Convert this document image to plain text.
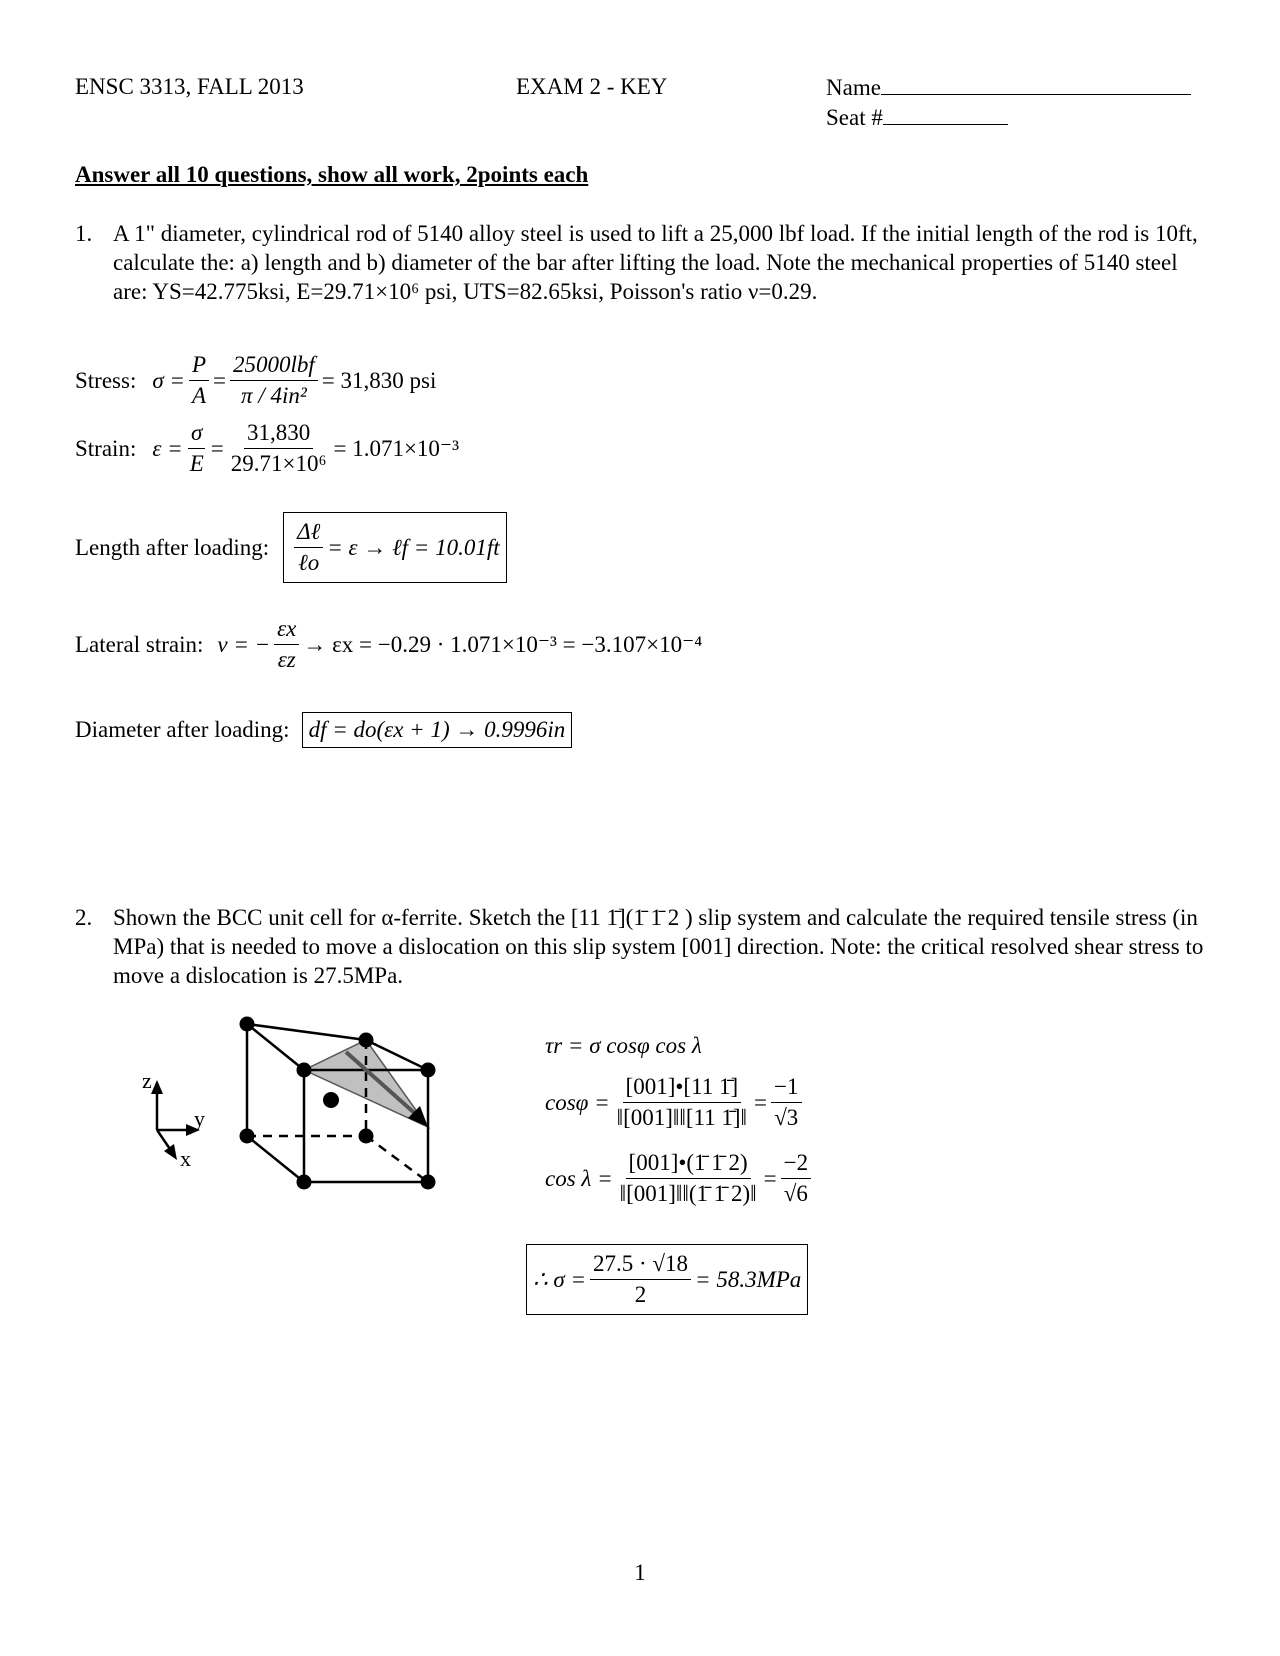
ENSC 3313, FALL 2013	EXAM 2 - KEY	Name
Seat #
Answer all 10 questions, show all work, 2points each
1. A 1" diameter, cylindrical rod of 5140 alloy steel is used to lift a 25,000 lbf load. If the initial length of the rod is 10ft, calculate the: a) length and b) diameter of the bar after lifting the load. Note the mechanical properties of 5140 steel are: YS=42.775ksi, E=29.71×10⁶ psi, UTS=82.65ksi, Poisson's ratio ν=0.29.
Stress: $\sigma = \frac{P}{A} = \frac{\text{25000lbf}}{\text{π / 4in²}} = 31,830$ psi
Strain: $\varepsilon = \frac{\sigma}{E} = \frac{31,830}{\text{29.71×10⁶}} = 1.071\times 10^{-3}$
Length after loading: $\frac{\text{Δℓ}}{\text{ℓo}} = \varepsilon$ → ℓf = 10.01ft
Lateral strain: ν = − $\frac{\varepsilon x}{\varepsilon z} \to \varepsilon x = -0.29 \cdot 1.071\times 10^{-3} = -3.107\times 10^{-4}$
Diameter after loading: df = do(εx + 1) → 0.9996in
2. Shown the BCC unit cell for α-ferrite. Sketch the [11 1̄](1̄ 1̄ 2 ) slip system and calculate the required tensile stress (in MPa) that is needed to move a dislocation on this slip system [001] direction. Note: the critical resolved shear stress to move a dislocation is 27.5MPa.
z
y
x
τr = σ cosφ cos λ
$\cos\varphi = \frac{[001]•[11 1̄]}{‖[001]‖‖[11 1̄]‖} = \frac{-1}{√3}$
$\cos \lambda = \frac{[001]•(1̄ 1̄ 2)}{‖[001]‖‖(1̄ 1̄ 2)‖} = \frac{-2}{√6}$
∴ $\sigma = \frac{27.5 \cdot √18}{2} = 58.3MPa$
1
